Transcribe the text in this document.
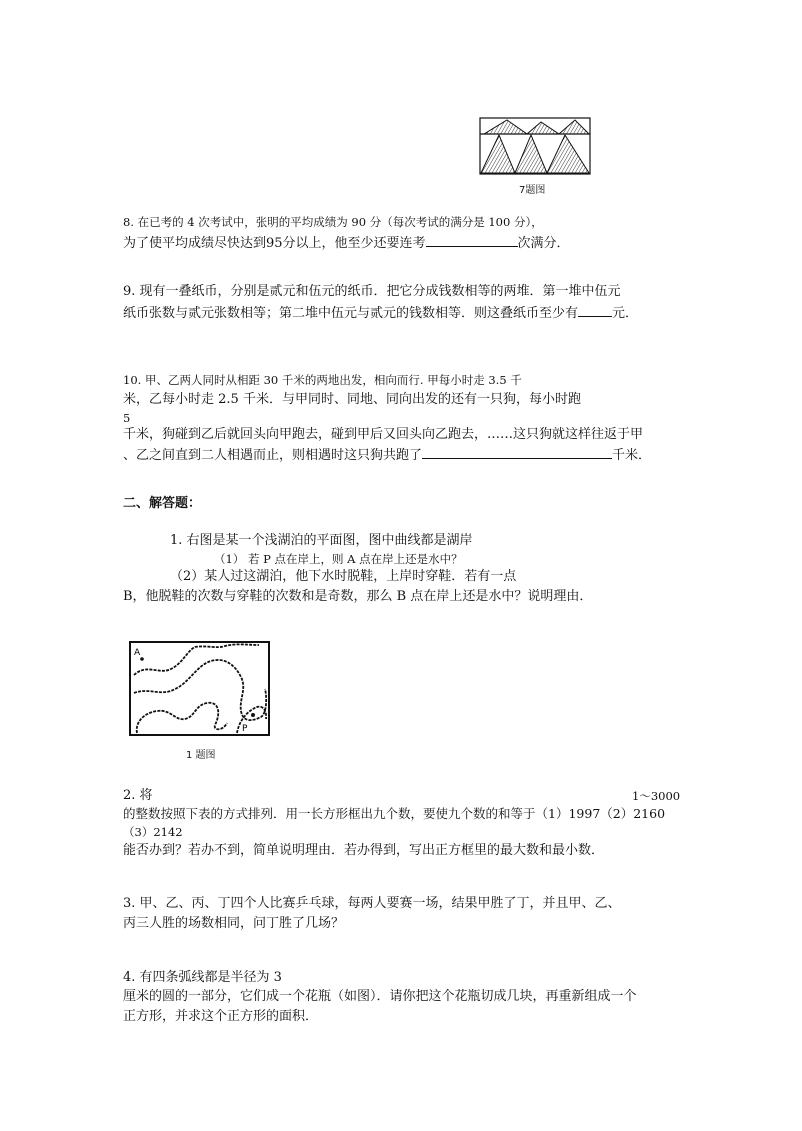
7题图

8. 在已考的 4 次考试中，张明的平均成绩为 90 分（每次考试的满分是 100 分），

为了使平均成绩尽快达到95分以上，他至少还要连考	次满分．

9. 现有一叠纸币，分别是贰元和伍元的纸币．把它分成钱数相等的两堆．第一堆中伍元

纸币张数与贰元张数相等；第二堆中伍元与贰元的钱数相等．则这叠纸币至少有	元．

10. 甲、乙两人同时从相距 30 千米的两地出发，相向而行. 甲每小时走 3.5 千

米，乙每小时走 2.5 千米．与甲同时、同地、同向出发的还有一只狗，每小时跑

5

千米，狗碰到乙后就回头向甲跑去，碰到甲后又回头向乙跑去，……这只狗就这样往返于甲

、乙之间直到二人相遇而止，则相遇时这只狗共跑了	千米．

二、解答题：

1. 右图是某一个浅湖泊的平面图，图中曲线都是湖岸

（1） 若 P 点在岸上，则 A 点在岸上还是水中？

（2）某人过这湖泊，他下水时脱鞋，上岸时穿鞋．若有一点

B，他脱鞋的次数与穿鞋的次数和是奇数，那么 B 点在岸上还是水中？说明理由．

A
P
1 题图

2. 将	1～3000

的整数按照下表的方式排列．用一长方形框出九个数，要使九个数的和等于（1）1997（2）2160

（3）2142

能否办到？若办不到，简单说明理由．若办得到，写出正方框里的最大数和最小数．

3. 甲、乙、丙、丁四个人比赛乒乓球，每两人要赛一场，结果甲胜了丁，并且甲、乙、

丙三人胜的场数相同，问丁胜了几场？

4. 有四条弧线都是半径为 3

厘米的圆的一部分，它们成一个花瓶（如图）．请你把这个花瓶切成几块，再重新组成一个

正方形，并求这个正方形的面积．
